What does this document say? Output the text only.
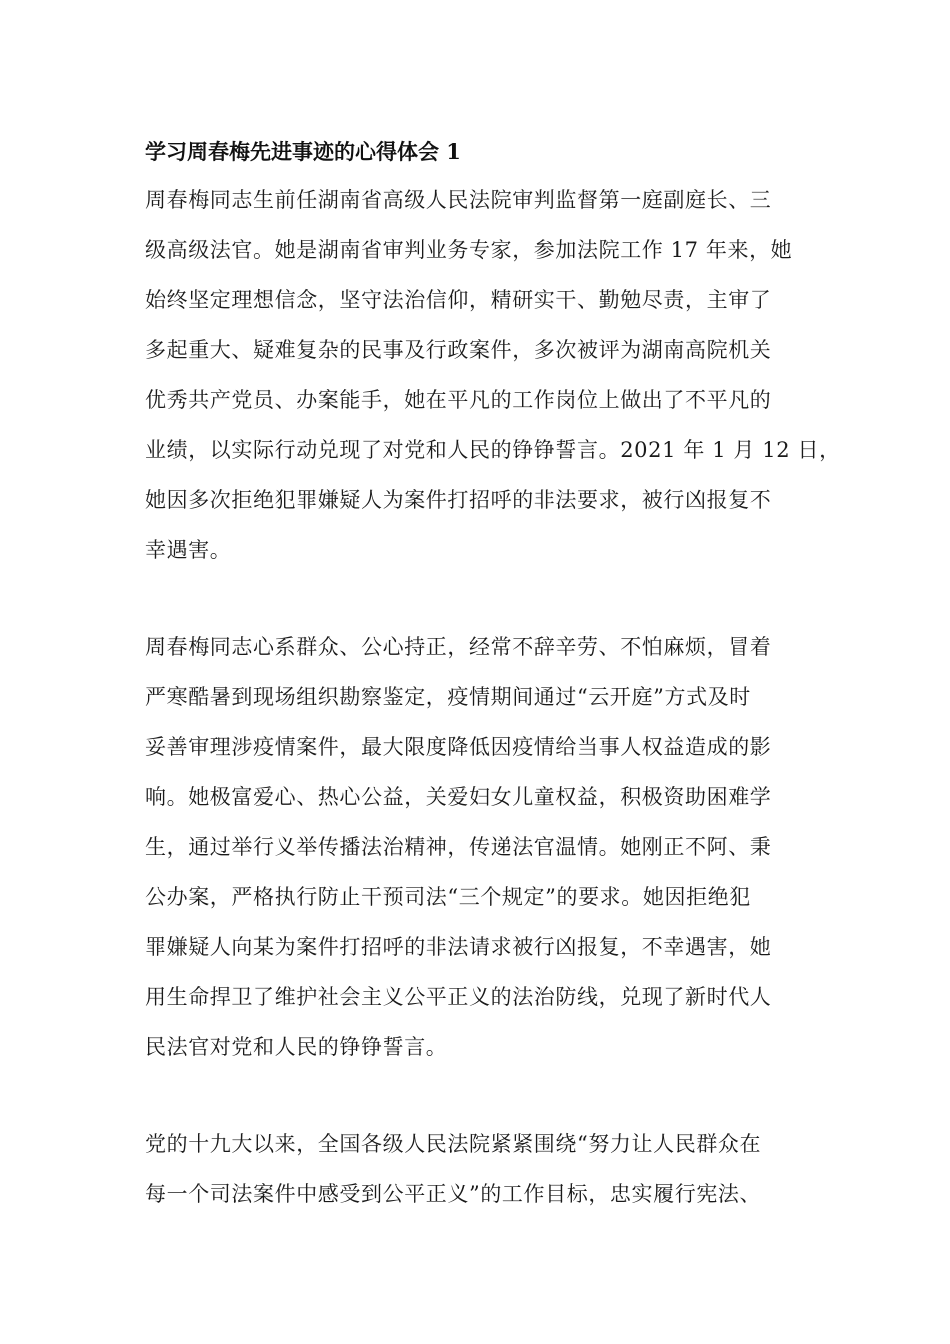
学习周春梅先进事迹的心得体会 1
周春梅同志生前任湖南省高级人民法院审判监督第一庭副庭长、三
级高级法官。她是湖南省审判业务专家，参加法院工作 17 年来，她
始终坚定理想信念，坚守法治信仰，精研实干、勤勉尽责，主审了
多起重大、疑难复杂的民事及行政案件，多次被评为湖南高院机关
优秀共产党员、办案能手，她在平凡的工作岗位上做出了不平凡的
业绩，以实际行动兑现了对党和人民的铮铮誓言。2021 年 1 月 12 日，
她因多次拒绝犯罪嫌疑人为案件打招呼的非法要求，被行凶报复不
幸遇害。
周春梅同志心系群众、公心持正，经常不辞辛劳、不怕麻烦，冒着
严寒酷暑到现场组织勘察鉴定，疫情期间通过“云开庭”方式及时
妥善审理涉疫情案件，最大限度降低因疫情给当事人权益造成的影
响。她极富爱心、热心公益，关爱妇女儿童权益，积极资助困难学
生，通过举行义举传播法治精神，传递法官温情。她刚正不阿、秉
公办案，严格执行防止干预司法“三个规定”的要求。她因拒绝犯
罪嫌疑人向某为案件打招呼的非法请求被行凶报复，不幸遇害，她
用生命捍卫了维护社会主义公平正义的法治防线，兑现了新时代人
民法官对党和人民的铮铮誓言。
党的十九大以来，全国各级人民法院紧紧围绕“努力让人民群众在
每一个司法案件中感受到公平正义”的工作目标，忠实履行宪法、
